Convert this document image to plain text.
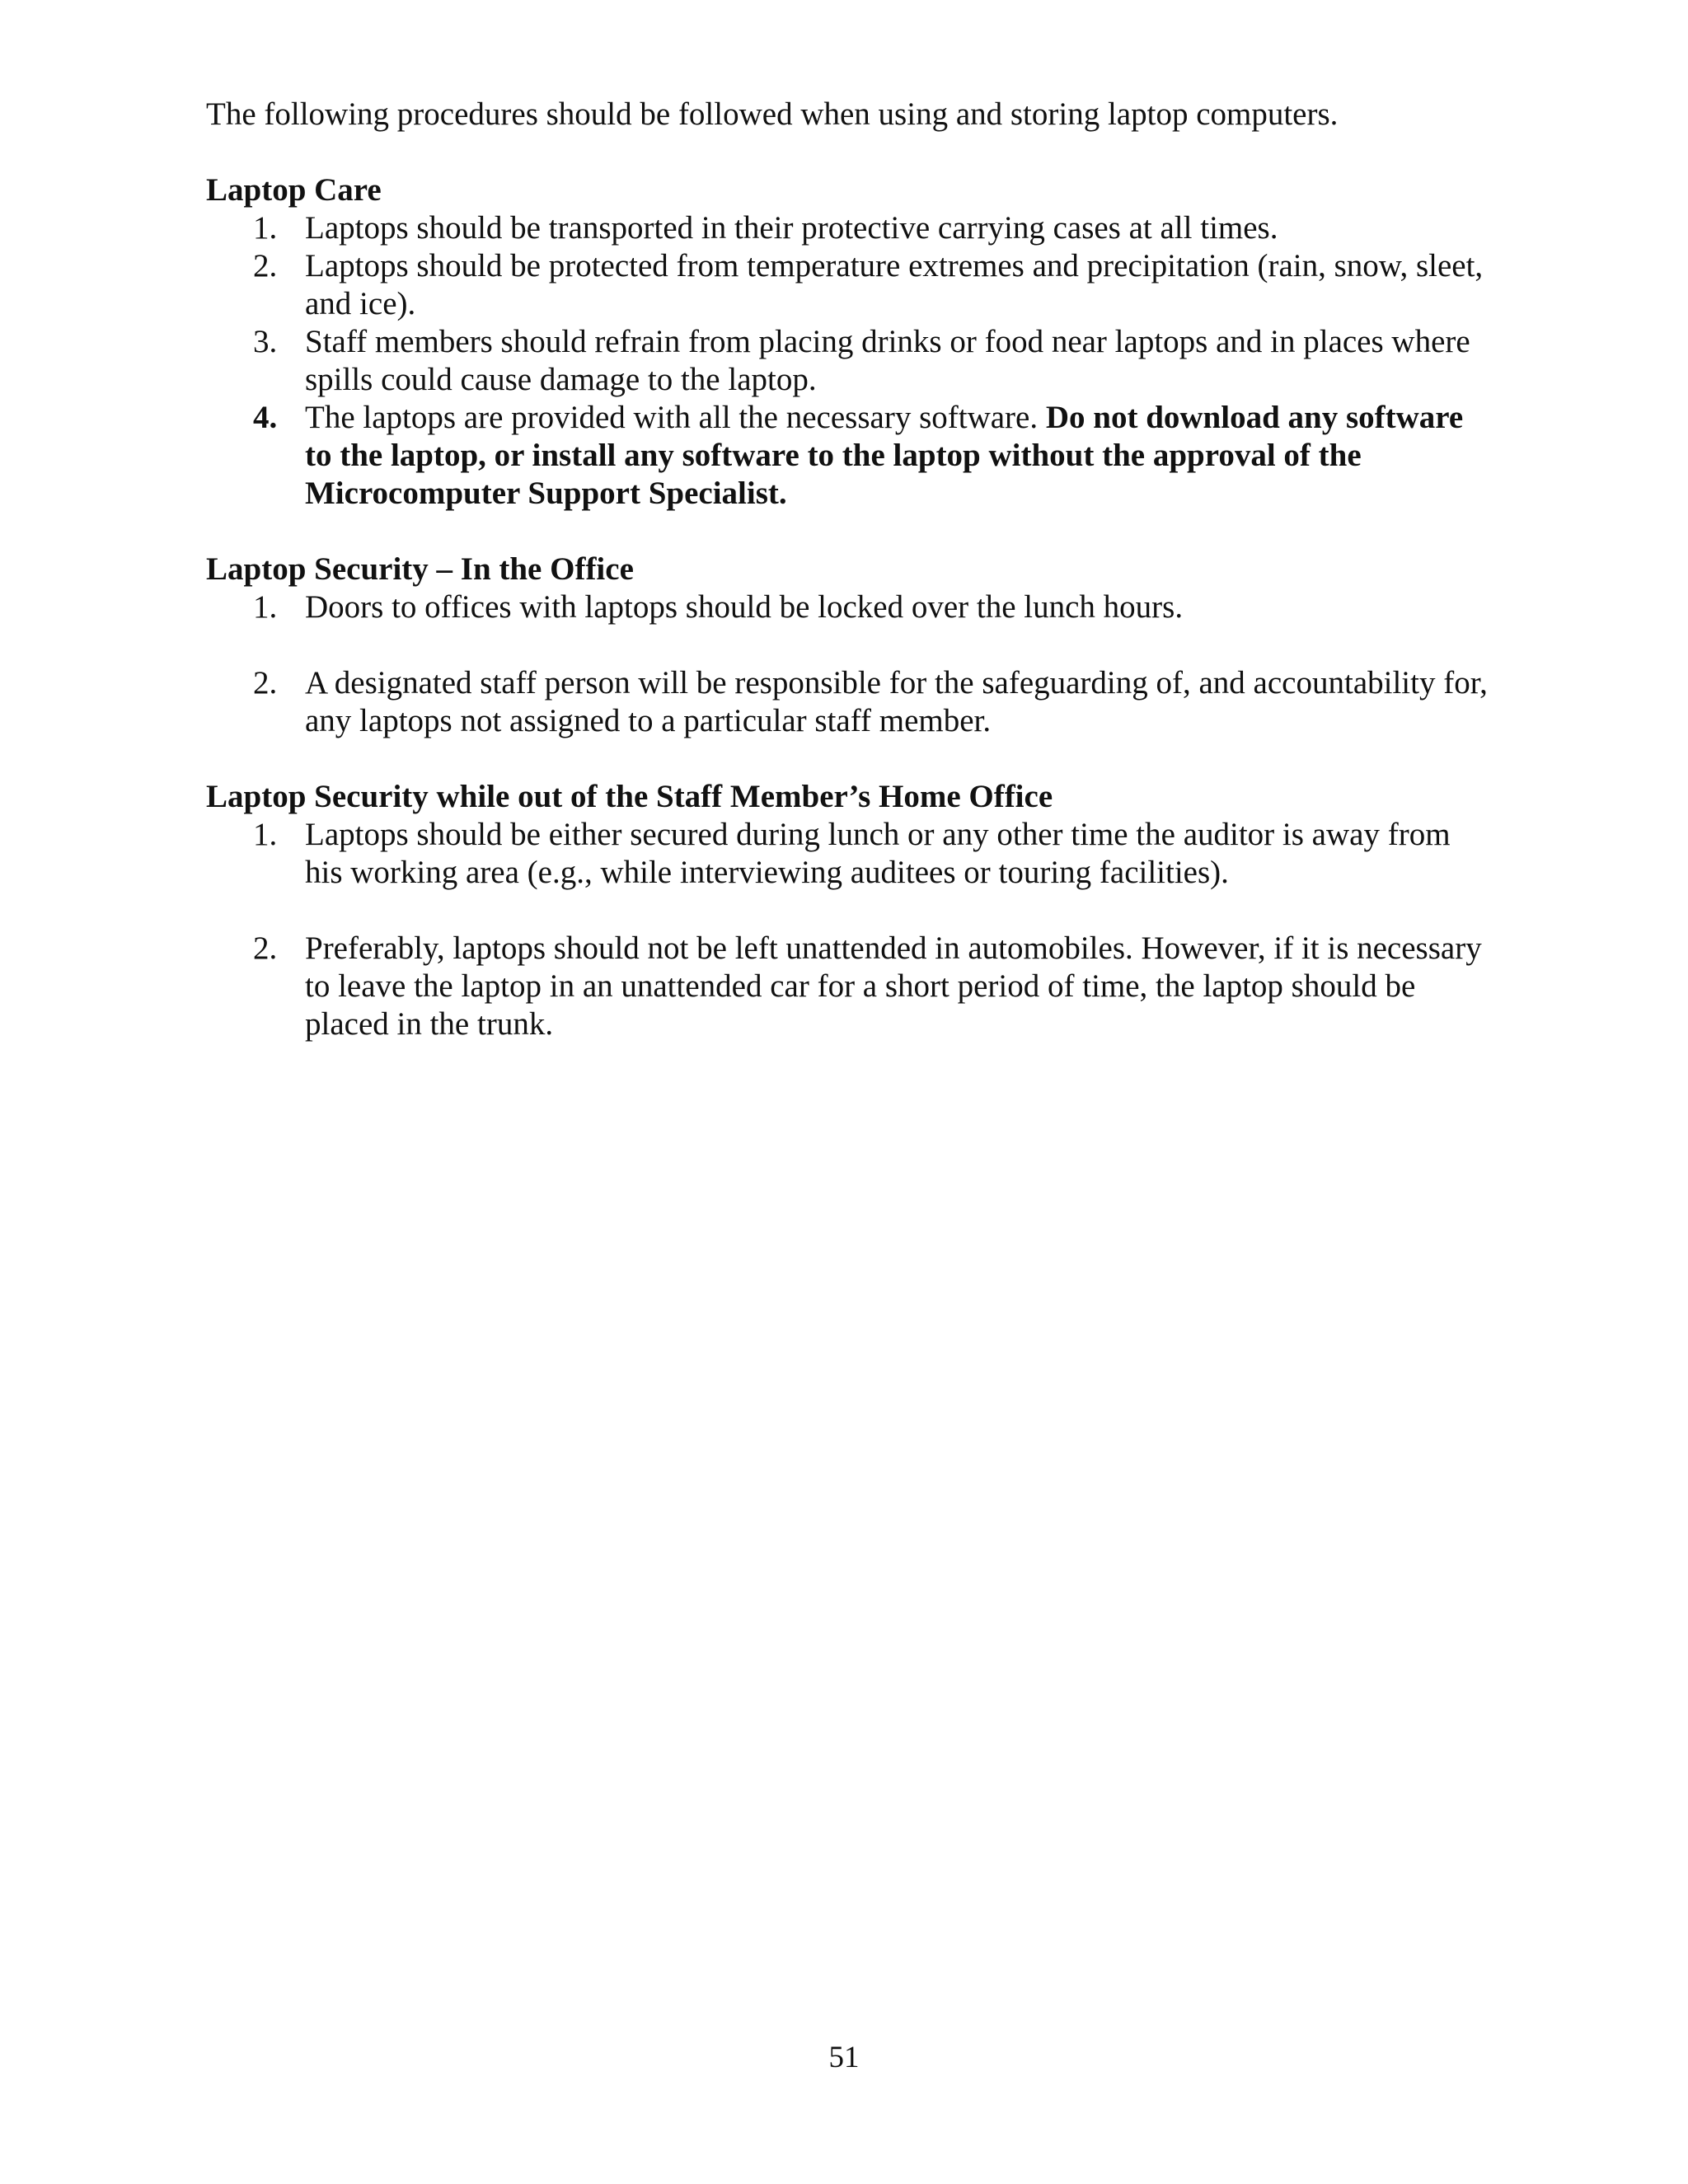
The following procedures should be followed when using and storing laptop computers.

Laptop Care

1. Laptops should be transported in their protective carrying cases at all times.
2. Laptops should be protected from temperature extremes and precipitation (rain, snow, sleet, and ice).
3. Staff members should refrain from placing drinks or food near laptops and in places where spills could cause damage to the laptop.
4. The laptops are provided with all the necessary software. Do not download any software to the laptop, or install any software to the laptop without the approval of the Microcomputer Support Specialist.

Laptop Security – In the Office

1. Doors to offices with laptops should be locked over the lunch hours.
2. A designated staff person will be responsible for the safeguarding of, and accountability for, any laptops not assigned to a particular staff member.

Laptop Security while out of the Staff Member’s Home Office

1. Laptops should be either secured during lunch or any other time the auditor is away from his working area (e.g., while interviewing auditees or touring facilities).
2. Preferably, laptops should not be left unattended in automobiles. However, if it is necessary to leave the laptop in an unattended car for a short period of time, the laptop should be placed in the trunk.
51
